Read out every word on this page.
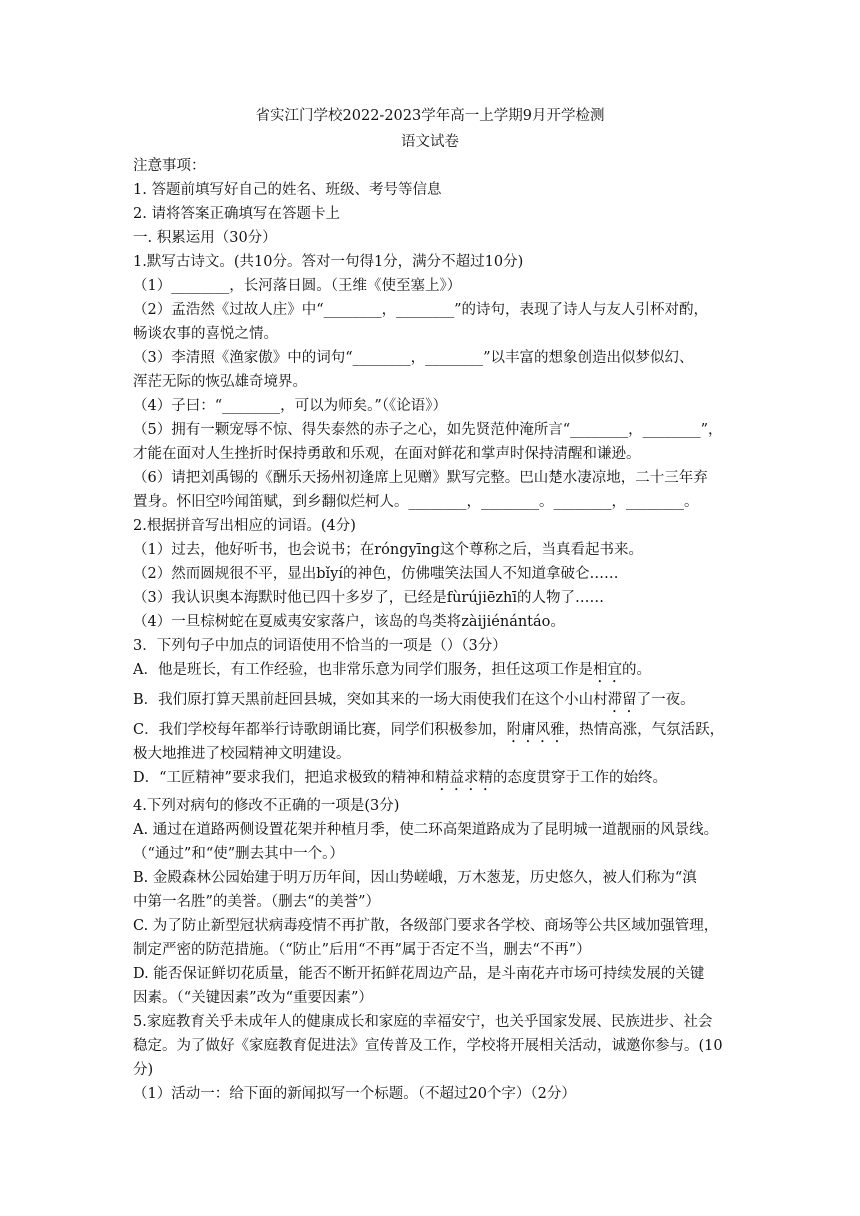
省实江门学校2022-2023学年高一上学期9月开学检测
语文试卷
注意事项：
1. 答题前填写好自己的姓名、班级、考号等信息
2. 请将答案正确填写在答题卡上
一. 积累运用（30分）
1.默写古诗文。(共10分。答对一句得1分，满分不超过10分)
（1）________，长河落日圆。（王维《使至塞上》）
（2）孟浩然《过故人庄》中“________，________”的诗句，表现了诗人与友人引杯对酌，
畅谈农事的喜悦之情。
（3）李清照《渔家傲》中的词句“________，________”以丰富的想象创造出似梦似幻、
浑茫无际的恢弘雄奇境界。
（4）子曰：“________，可以为师矣。”（《论语》）
（5）拥有一颗宠辱不惊、得失泰然的赤子之心，如先贤范仲淹所言“________，________”，
才能在面对人生挫折时保持勇敢和乐观，在面对鲜花和掌声时保持清醒和谦逊。
（6）请把刘禹锡的《酬乐天扬州初逢席上见赠》默写完整。巴山楚水凄凉地，二十三年弃
置身。怀旧空吟闻笛赋，到乡翻似烂柯人。________，________。________，________。
2.根据拼音写出相应的词语。(4分)
（1）过去，他好听书，也会说书；在róngyīng这个尊称之后，当真看起书来。
（2）然而圆规很不平，显出bǐyí的神色，仿佛嗤笑法国人不知道拿破仑……
（3）我认识奥本海默时他已四十多岁了，已经是fùrújiēzhī的人物了……
（4）一旦棕树蛇在夏威夷安家落户，该岛的鸟类将zàijiénántáo。
3．下列句子中加点的词语使用不恰当的一项是（）（3分）
A．他是班长，有工作经验，也非常乐意为同学们服务，担任这项工作是相宜的。
B．我们原打算天黑前赶回县城，突如其来的一场大雨使我们在这个小山村滞留了一夜。
C．我们学校每年都举行诗歌朗诵比赛，同学们积极参加，附庸风雅，热情高涨，气氛活跃，
极大地推进了校园精神文明建设。
D．“工匠精神”要求我们，把追求极致的精神和精益求精的态度贯穿于工作的始终。
4.下列对病句的修改不正确的一项是(3分)
A. 通过在道路两侧设置花架并种植月季，使二环高架道路成为了昆明城一道靓丽的风景线。
（“通过”和“使”删去其中一个。）
B. 金殿森林公园始建于明万历年间，因山势嵯峨，万木葱茏，历史悠久，被人们称为“滇
中第一名胜”的美誉。（删去“的美誉”）
C. 为了防止新型冠状病毒疫情不再扩散，各级部门要求各学校、商场等公共区域加强管理，
制定严密的防范措施。（“防止”后用“不再”属于否定不当，删去“不再”）
D. 能否保证鲜切花质量，能否不断开拓鲜花周边产品，是斗南花卉市场可持续发展的关键
因素。（“关键因素”改为“重要因素”）
5.家庭教育关乎未成年人的健康成长和家庭的幸福安宁，也关乎国家发展、民族进步、社会
稳定。为了做好《家庭教育促进法》宣传普及工作，学校将开展相关活动，诚邀你参与。(10
分)
（1）活动一：给下面的新闻拟写一个标题。（不超过20个字）（2分）
